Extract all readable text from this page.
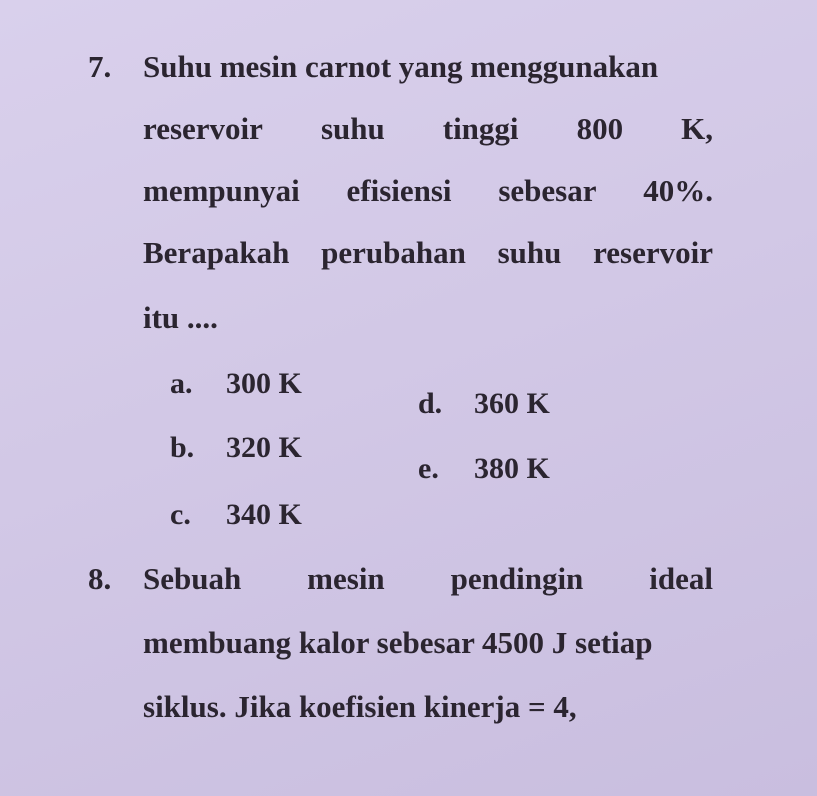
7. Suhu mesin carnot yang menggunakan
reservoir suhu tinggi 800 K,
mempunyai efisiensi sebesar 40%.
Berapakah perubahan suhu reservoir
itu ....
a. 300 K
d. 360 K
b. 320 K
e. 380 K
c. 340 K
8. Sebuah mesin pendingin ideal
membuang kalor sebesar 4500 J setiap
siklus. Jika koefisien kinerja = 4,
